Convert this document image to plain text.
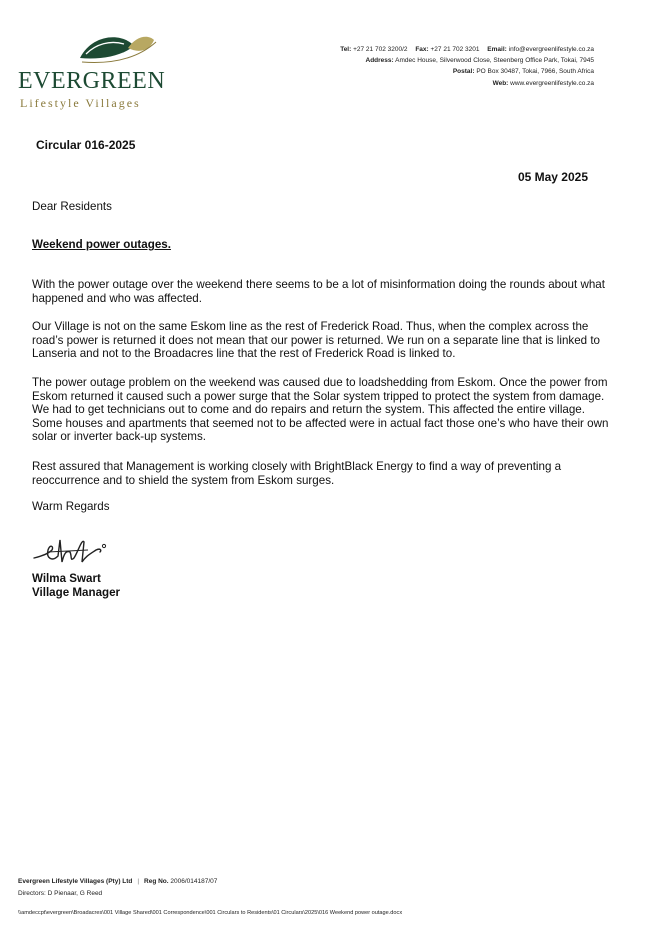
EVERGREEN
Lifestyle Villages
Tel: +27 21 702 3200/2 Fax: +27 21 702 3201 Email: info@evergreenlifestyle.co.za
Address: Amdec House, Silverwood Close, Steenberg Office Park, Tokai, 7945
Postal: PO Box 30487, Tokai, 7966, South Africa
Web: www.evergreenlifestyle.co.za
Circular 016-2025
05 May 2025
Dear Residents
Weekend power outages.
With the power outage over the weekend there seems to be a lot of misinformation doing the rounds about what happened and who was affected.
Our Village is not on the same Eskom line as the rest of Frederick Road. Thus, when the complex across the road’s power is returned it does not mean that our power is returned. We run on a separate line that is linked to Lanseria and not to the Broadacres line that the rest of Frederick Road is linked to.
The power outage problem on the weekend was caused due to loadshedding from Eskom. Once the power from Eskom returned it caused such a power surge that the Solar system tripped to protect the system from damage. We had to get technicians out to come and do repairs and return the system. This affected the entire village. Some houses and apartments that seemed not to be affected were in actual fact those one’s who have their own solar or inverter back-up systems.
Rest assured that Management is working closely with BrightBlack Energy to find a way of preventing a reoccurrence and to shield the system from Eskom surges.
Warm Regards
Wilma Swart
Village Manager
Evergreen Lifestyle Villages (Pty) Ltd | Reg No. 2006/014187/07
Directors: D Pienaar, G Reed
\\amdeccpt\evergreen\Broadacres\001 Village Shared\001 Correspondence\001 Circulars to Residents\01 Circulars\2025\016 Weekend power outage.docx
